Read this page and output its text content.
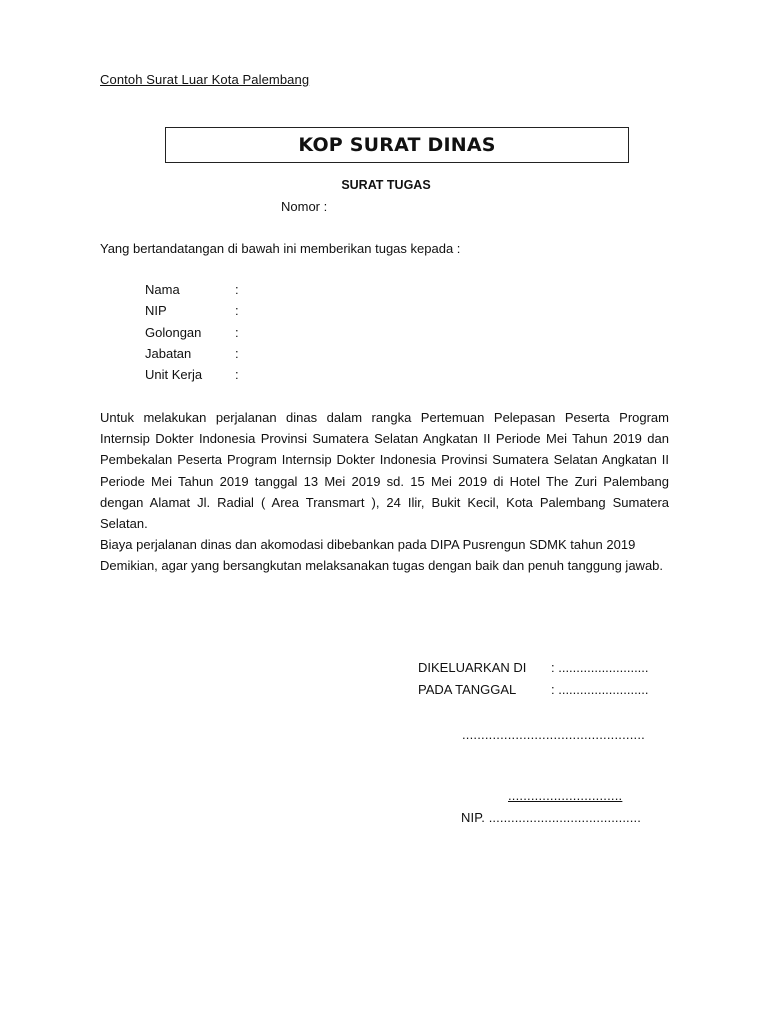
Contoh Surat Luar Kota Palembang
KOP SURAT DINAS
SURAT TUGAS
Nomor :
Yang bertandatangan di bawah ini memberikan tugas kepada :
Nama	:
NIP	:
Golongan	:
Jabatan	:
Unit Kerja	:

Untuk melakukan perjalanan dinas dalam rangka Pertemuan Pelepasan Peserta Program Internsip Dokter Indonesia Provinsi Sumatera Selatan Angkatan II Periode Mei Tahun 2019 dan Pembekalan Peserta Program Internsip Dokter Indonesia Provinsi Sumatera Selatan Angkatan II Periode Mei Tahun 2019 tanggal 13 Mei 2019 sd. 15 Mei 2019 di Hotel The Zuri Palembang dengan Alamat Jl. Radial ( Area Transmart ), 24 Ilir, Bukit Kecil, Kota Palembang Sumatera Selatan.

Biaya perjalanan dinas dan akomodasi dibebankan pada DIPA Pusrengun SDMK tahun 2019

Demikian, agar yang bersangkutan melaksanakan tugas dengan baik dan penuh tanggung jawab.

DIKELUARKAN DI	: .........................
PADA TANGGAL	: .........................
................................................
..............................
NIP. .........................................
